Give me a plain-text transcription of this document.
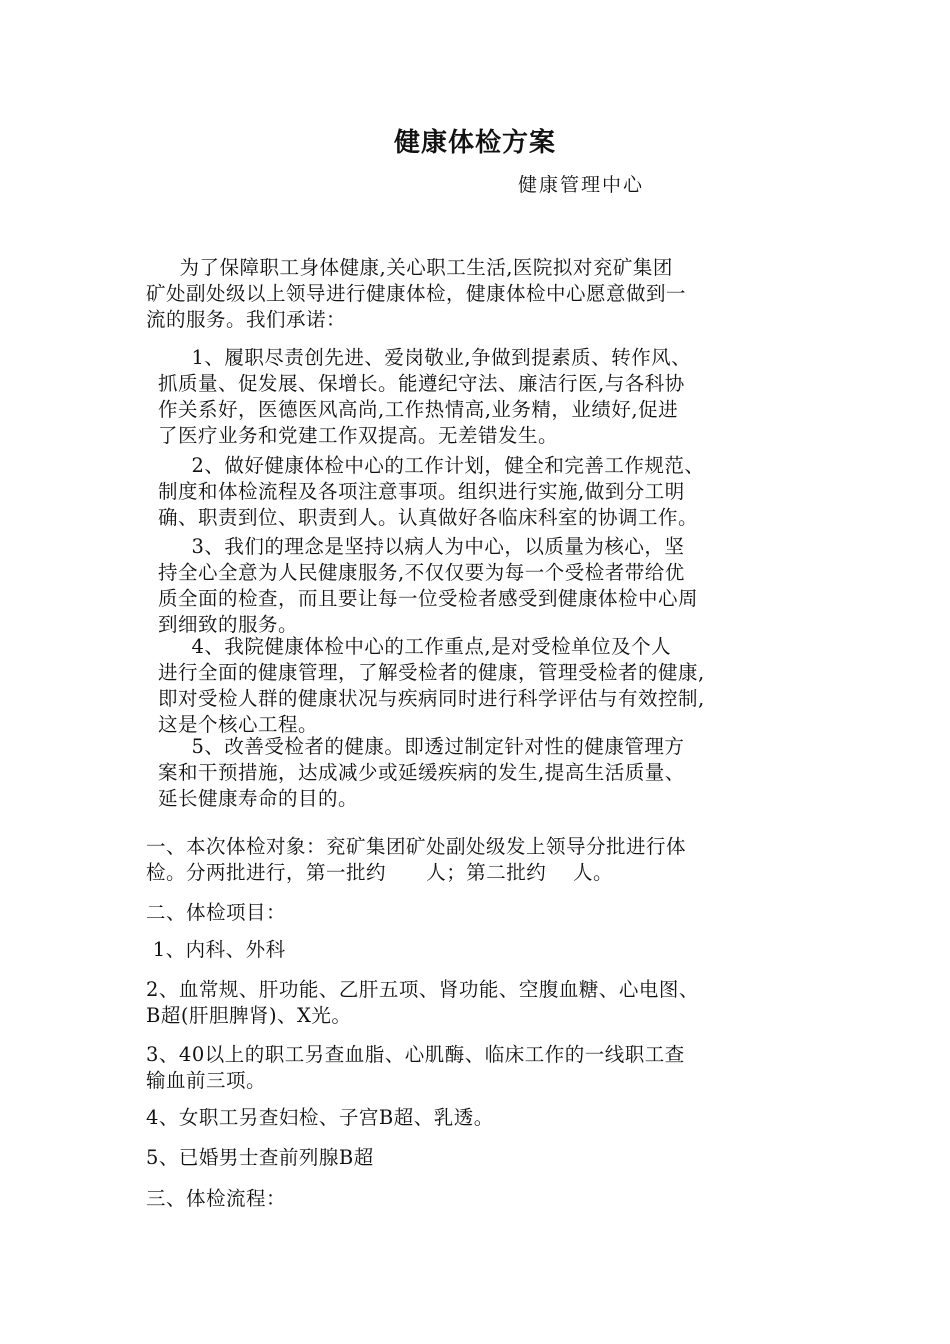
健康体检方案

健康管理中心

为了保障职工身体健康,关心职工生活,医院拟对兖矿集团
矿处副处级以上领导进行健康体检，健康体检中心愿意做到一
流的服务。我们承诺：

1、履职尽责创先进、爱岗敬业,争做到提素质、转作风、
抓质量、促发展、保增长。能遵纪守法、廉洁行医,与各科协
作关系好，医德医风高尚,工作热情高,业务精，业绩好,促进
了医疗业务和党建工作双提高。无差错发生。

2、做好健康体检中心的工作计划，健全和完善工作规范、
制度和体检流程及各项注意事项。组织进行实施,做到分工明
确、职责到位、职责到人。认真做好各临床科室的协调工作。

3、我们的理念是坚持以病人为中心，以质量为核心，坚
持全心全意为人民健康服务,不仅仅要为每一个受检者带给优
质全面的检查，而且要让每一位受检者感受到健康体检中心周
到细致的服务。

4、我院健康体检中心的工作重点,是对受检单位及个人
进行全面的健康管理，了解受检者的健康，管理受检者的健康,
即对受检人群的健康状况与疾病同时进行科学评估与有效控制,
这是个核心工程。

5、改善受检者的健康。即透过制定针对性的健康管理方
案和干预措施，达成减少或延缓疾病的发生,提高生活质量、
延长健康寿命的目的。

一、本次体检对象：兖矿集团矿处副处级发上领导分批进行体
检。分两批进行，第一批约      人；第二批约    人。

二、体检项目：

1、内科、外科

2、血常规、肝功能、乙肝五项、肾功能、空腹血糖、心电图、
B超(肝胆脾肾)、X光。

3、40以上的职工另查血脂、心肌酶、临床工作的一线职工查
输血前三项。

4、女职工另查妇检、子宫B超、乳透。

5、已婚男士查前列腺B超

三、体检流程：
